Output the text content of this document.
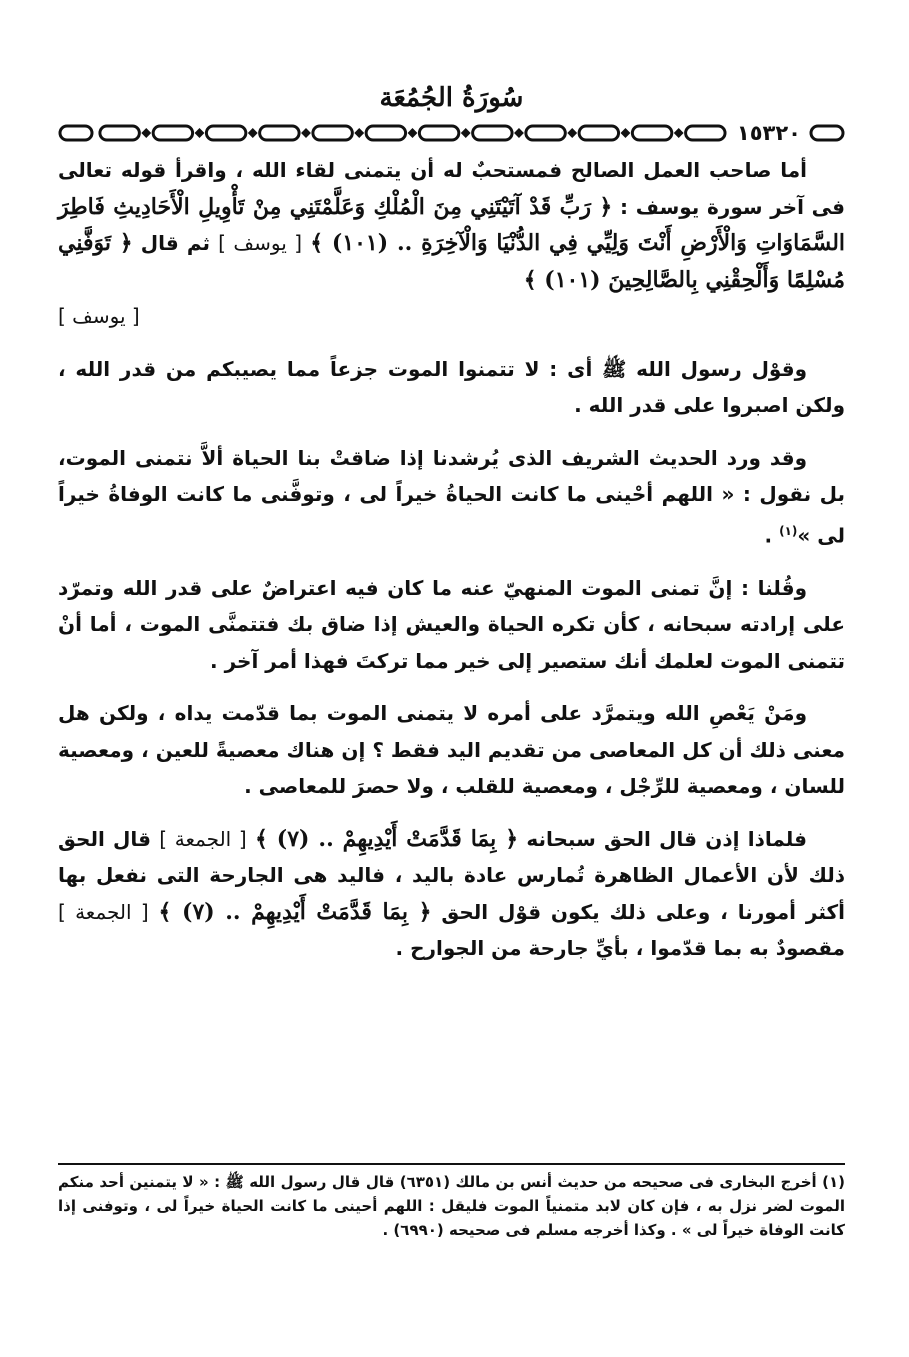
سُورَةُ الجُمُعَة
١٥٣٢٠

أما صاحب العمل الصالح فمستحبٌ له أن يتمنى لقاء الله ، واقرأ قوله تعالى فى آخر سورة يوسف : ﴿ رَبِّ قَدْ آتَيْتَنِي مِنَ الْمُلْكِ وَعَلَّمْتَنِي مِنْ تَأْوِيلِ الْأَحَادِيثِ فَاطِرَ السَّمَاوَاتِ وَالْأَرْضِ أَنْتَ وَلِيِّي فِي الدُّنْيَا وَالْآخِرَةِ .. (١٠١) ﴾ [ يوسف ] ثم قال ﴿ تَوَفَّنِي مُسْلِمًا وَأَلْحِقْنِي بِالصَّالِحِينَ (١٠١) ﴾

[ يوسف ]

وقوْل رسول الله ﷺ أى : لا تتمنوا الموت جزعاً مما يصيبكم من قدر الله ، ولكن اصبروا على قدر الله .

وقد ورد الحديث الشريف الذى يُرشدنا إذا ضاقتْ بنا الحياة ألاَّ نتمنى الموت، بل نقول : « اللهم أحْينى ما كانت الحياةُ خيراً لى ، وتوفَّنى ما كانت الوفاةُ خيراً لى »$^{(١)}$ .

وقُلنا : إنَّ تمنى الموت المنهيّ عنه ما كان فيه اعتراضٌ على قدر الله وتمرّد على إرادته سبحانه ، كأن تكره الحياة والعيش إذا ضاق بك فتتمنَّى الموت ، أما أنْ تتمنى الموت لعلمك أنك ستصير إلى خير مما تركتَ فهذا أمر آخر .

ومَنْ يَعْصِ الله ويتمرَّد على أمره لا يتمنى الموت بما قدّمت يداه ، ولكن هل معنى ذلك أن كل المعاصى من تقديم اليد فقط ؟ إن هناك معصيةً للعين ، ومعصية للسان ، ومعصية للرِّجْل ، ومعصية للقلب ، ولا حصرَ للمعاصى .

فلماذا إذن قال الحق سبحانه ﴿ بِمَا قَدَّمَتْ أَيْدِيهِمْ .. (٧) ﴾ [ الجمعة ] قال الحق ذلك لأن الأعمال الظاهرة تُمارس عادة باليد ، فاليد هى الجارحة التى نفعل بها أكثر أمورنا ، وعلى ذلك يكون قوْل الحق ﴿ بِمَا قَدَّمَتْ أَيْدِيهِمْ .. (٧) ﴾ [ الجمعة ] مقصودٌ به بما قدّموا ، بأيِّ جارحة من الجوارح .

(١) أخرج البخارى فى صحيحه من حديث أنس بن مالك (٦٣٥١) قال قال رسول الله ﷺ : « لا يتمنين أحد منكم الموت لضر نزل به ، فإن كان لابد متمنياً الموت فليقل : اللهم أحينى ما كانت الحياة خيراً لى ، وتوفنى إذا كانت الوفاة خيراً لى » . وكذا أخرجه مسلم فى صحيحه (٦٩٩٠) .
